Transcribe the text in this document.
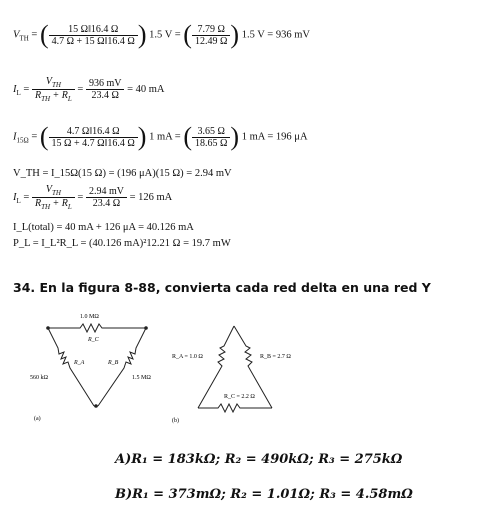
$V_{TH}$ = ( $\frac{15 \Omega‖16.4 \Omega}{4.7 \Omega + 15 \Omega‖16.4 \Omega}$ ) 1.5 V = ( $\frac{7.79 \Omega}{12.49 \Omega}$ ) 1.5 V = 936 mV
$I_L = \frac{V_{TH}}{R_{TH} + R_L} = \frac{936 mV}{23.4 \Omega} = 40$ mA
$I_{15\Omega}$ = ( $\frac{4.7 \Omega‖16.4 \Omega}{15 \Omega + 4.7 \Omega‖16.4 \Omega}$ ) 1 mA = ( $\frac{3.65 \Omega}{18.65 \Omega}$ ) 1 mA = 196 μA
V_TH = I_15Ω(15 Ω) = (196 μA)(15 Ω) = 2.94 mV
$I_L = \frac{V_{TH}}{R_{TH} + R_L} = \frac{2.94 mV}{23.4 \Omega} = 126$ mA
I_L(total) = 40 mA + 126 μA = 40.126 mA
P_L = I_L²R_L = (40.126 mA)²12.21 Ω = 19.7 mW
34. En la figura 8-88, convierta cada red delta en una red Y
1.0 MΩ
R_C
R_A	R_B
560 kΩ	1.5 MΩ
(a)
R_A = 1.0 Ω	R_B = 2.7 Ω
R_C = 2.2 Ω
(b)
A)R₁ = 183kΩ; R₂ = 490kΩ; R₃ = 275kΩ
B)R₁ = 373mΩ; R₂ = 1.01Ω; R₃ = 4.58mΩ
